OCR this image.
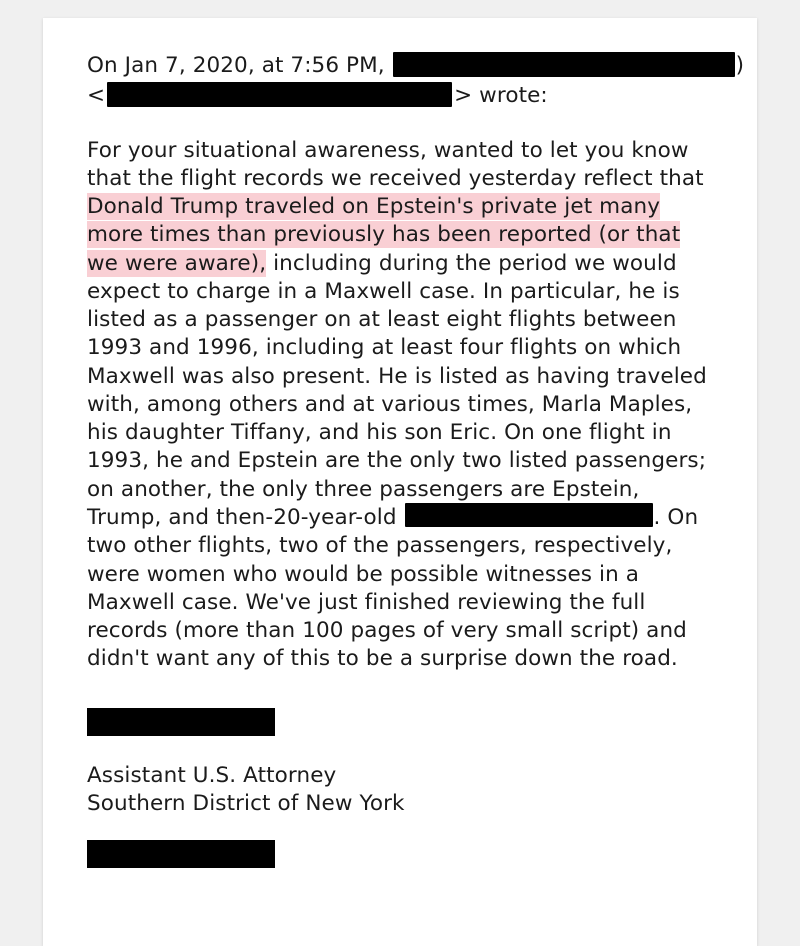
On Jan 7, 2020, at 7:56 PM,	)
<	> wrote:

For your situational awareness, wanted to let you know that the flight records we received yesterday reflect that Donald Trump traveled on Epstein's private jet many more times than previously has been reported (or that we were aware), including during the period we would expect to charge in a Maxwell case. In particular, he is listed as a passenger on at least eight flights between 1993 and 1996, including at least four flights on which Maxwell was also present. He is listed as having traveled with, among others and at various times, Marla Maples, his daughter Tiffany, and his son Eric. On one flight in 1993, he and Epstein are the only two listed passengers; on another, the only three passengers are Epstein, Trump, and then-20-year-old	. On two other flights, two of the passengers, respectively, were women who would be possible witnesses in a Maxwell case. We've just finished reviewing the full records (more than 100 pages of very small script) and didn't want any of this to be a surprise down the road.

Assistant U.S. Attorney
Southern District of New York
